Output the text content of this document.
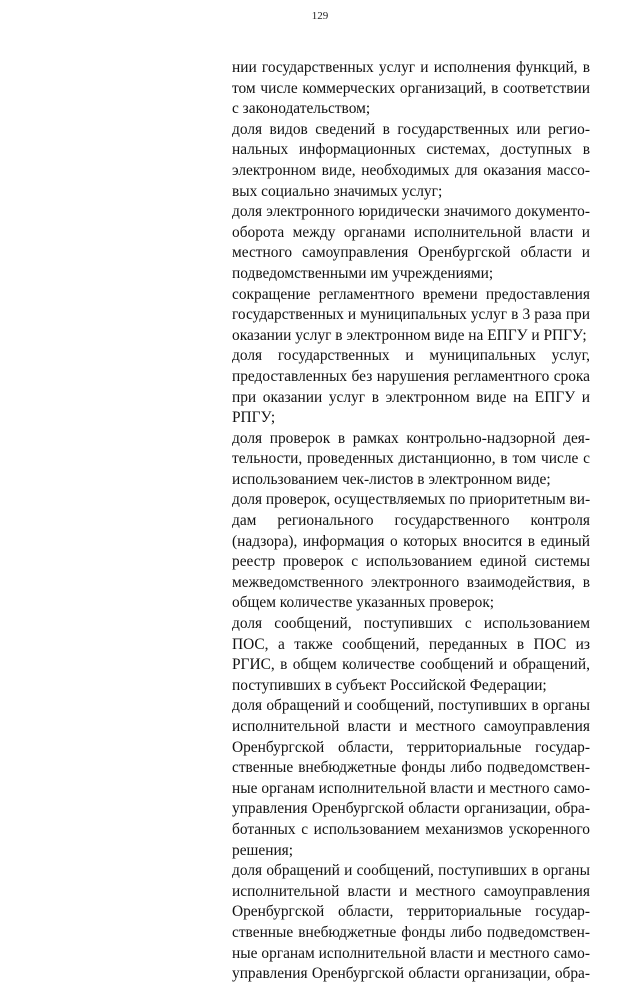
129

нии государственных услуг и исполнения функций, в
том числе коммерческих организаций, в соответствии
с законодательством;

доля видов сведений в государственных или регио-
нальных информационных системах, доступных в
электронном виде, необходимых для оказания массо-
вых социально значимых услуг;

доля электронного юридически значимого документо-
оборота между органами исполнительной власти и
местного самоуправления Оренбургской области и
подведомственными им учреждениями;

сокращение регламентного времени предоставления
государственных и муниципальных услуг в 3 раза при
оказании услуг в электронном виде на ЕПГУ и РПГУ;

доля государственных и муниципальных услуг,
предоставленных без нарушения регламентного срока
при оказании услуг в электронном виде на ЕПГУ и
РПГУ;

доля проверок в рамках контрольно-надзорной дея-
тельности, проведенных дистанционно, в том числе с
использованием чек-листов в электронном виде;

доля проверок, осуществляемых по приоритетным ви-
дам регионального государственного контроля
(надзора), информация о которых вносится в единый
реестр проверок с использованием единой системы
межведомственного электронного взаимодействия, в
общем количестве указанных проверок;

доля сообщений, поступивших с использованием
ПОС, а также сообщений, переданных в ПОС из
РГИС, в общем количестве сообщений и обращений,
поступивших в субъект Российской Федерации;

доля обращений и сообщений, поступивших в органы
исполнительной власти и местного самоуправления
Оренбургской области, территориальные государ-
ственные внебюджетные фонды либо подведомствен-
ные органам исполнительной власти и местного само-
управления Оренбургской области организации, обра-
ботанных с использованием механизмов ускоренного
решения;

доля обращений и сообщений, поступивших в органы
исполнительной власти и местного самоуправления
Оренбургской области, территориальные государ-
ственные внебюджетные фонды либо подведомствен-
ные органам исполнительной власти и местного само-
управления Оренбургской области организации, обра-
